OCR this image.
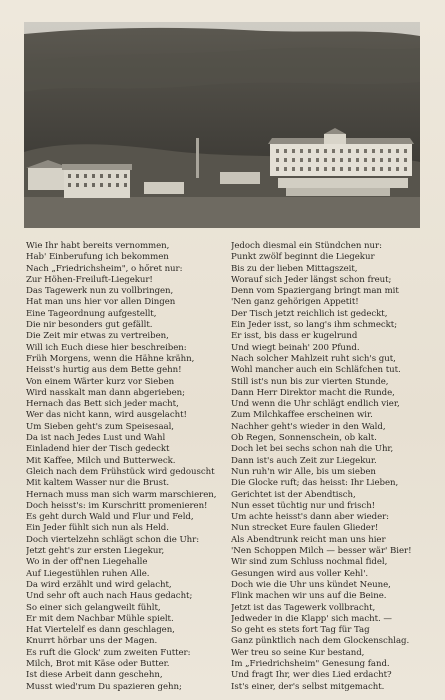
Wie Ihr habt bereits vernommen,
Hab' Einberufung ich bekommen
Nach „Friedrichsheim", o hőret nur:
Zur Höhen-Freiluft-Liegekur!
Das Tagewerk nun zu vollbringen,
Hat man uns hier vor allen Dingen
Eine Tageordnung aufgestellt,
Die nir besonders gut gefällt.
Die Zeit mir etwas zu vertreiben,
Will ich Euch diese hier beschreiben:
Früh Morgens, wenn die Hähne krähn,
Heisst's hurtig aus dem Bette gehn!
Von einem Wärter kurz vor Sieben
Wird nasskalt man dann abgerieben;
Hernach das Bett sich jeder macht,
Wer das nicht kann, wird ausgelacht!
Um Sieben geht's zum Speisesaal,
Da ist nach Jedes Lust und Wahl
Einladend hier der Tisch gedeckt
Mit Kaffee, Milch und Butterweck.
Gleich nach dem Frühstück wird gedouscht
Mit kaltem Wasser nur die Brust.
Hernach muss man sich warm marschieren,
Doch heisst's: im Kurschritt promenieren!
Es geht durch Wald und Flur und Feld,
Ein Jeder fühlt sich nun als Held.
Doch viertelzehn schlägt schon die Uhr:
Jetzt geht's zur ersten Liegekur,
Wo in der off'nen Liegehalle
Auf Liegestühlen ruhen Alle.
Da wird erzählt und wird gelacht,
Und sehr oft auch nach Haus gedacht;
So einer sich gelangweilt fühlt,
Er mit dem Nachbar Mühle spielt.
Hat Viertelelf es dann geschlagen,
Knurrt hörbar uns der Magen.
Es ruft die Glock' zum zweiten Futter:
Milch, Brot mit Käse oder Butter.
Ist diese Arbeit dann geschehn,
Musst wied'rum Du spazieren gehn;
Jedoch diesmal ein Stündchen nur:
Punkt zwölf beginnt die Liegekur
Bis zu der lieben Mittagszeit,
Worauf sich Jeder längst schon freut;
Denn vom Spaziergang bringt man mit
'Nen ganz gehörigen Appetit!
Der Tisch jetzt reichlich ist gedeckt,
Ein Jeder isst, so lang's ihm schmeckt;
Er isst, bis dass er kugelrund
Und wiegt beinah' 200 Pfund.
Nach solcher Mahlzeit ruht sich's gut,
Wohl mancher auch ein Schläfchen tut.
Still ist's nun bis zur vierten Stunde,
Dann Herr Direktor macht die Runde,
Und wenn die Uhr schlägt endlich vier,
Zum Milchkaffee erscheinen wir.
Nachher geht's wieder in den Wald,
Ob Regen, Sonnenschein, ob kalt.
Doch let bei sechs schon nah die Uhr,
Dann ist's auch Zeit zur Liegekur.
Nun ruh'n wir Alle, bis um sieben
Die Glocke ruft; das heisst: Ihr Lieben,
Gerichtet ist der Abendtisch,
Nun esset tüchtig nur und frisch!
Um achte heisst's dann aber wieder:
Nun strecket Eure faulen Glieder!
Als Abendtrunk reicht man uns hier
'Nen Schoppen Milch — besser wär' Bier!
Wir sind zum Schluss nochmal fidel,
Gesungen wird aus voller Kehl'.
Doch wie die Uhr uns kündet Neune,
Flink machen wir uns auf die Beine.
Jetzt ist das Tagewerk vollbracht,
Jedweder in die Klapp' sich macht. —
So geht es stets fort Tag für Tag
Ganz pünktlich nach dem Glockenschlag.
Wer treu so seine Kur bestand,
Im „Friedrichsheim" Genesung fand.
Und fragt Ihr, wer dies Lied erdacht?
Ist's einer, der's selbst mitgemacht.
